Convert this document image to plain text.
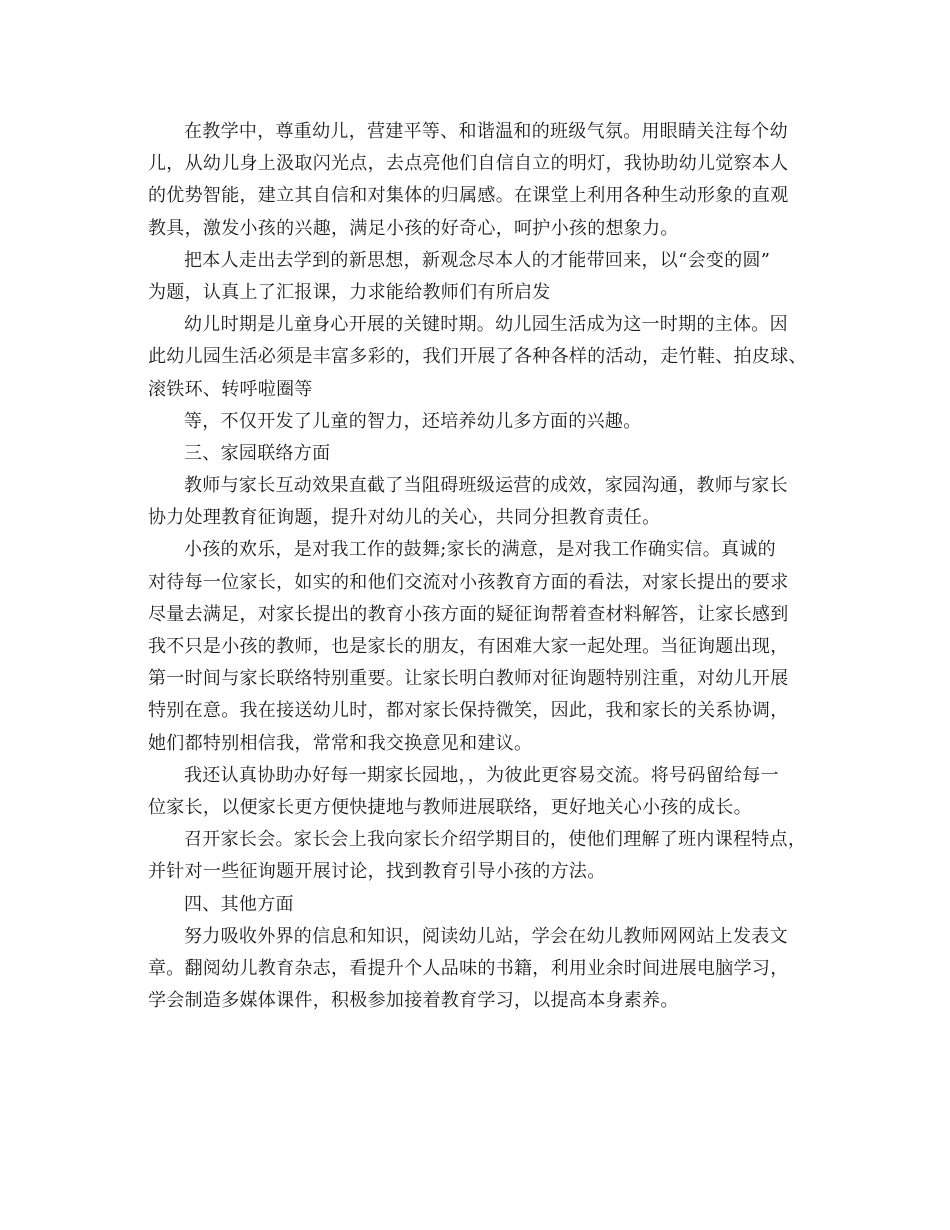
在教学中，尊重幼儿，营建平等、和谐温和的班级气氛。用眼睛关注每个幼
儿，从幼儿身上汲取闪光点，去点亮他们自信自立的明灯，我协助幼儿觉察本人
的优势智能，建立其自信和对集体的归属感。在课堂上利用各种生动形象的直观
教具，激发小孩的兴趣，满足小孩的好奇心，呵护小孩的想象力。
把本人走出去学到的新思想，新观念尽本人的才能带回来，以“会变的圆”
为题，认真上了汇报课，力求能给教师们有所启发
幼儿时期是儿童身心开展的关键时期。幼儿园生活成为这一时期的主体。因
此幼儿园生活必须是丰富多彩的，我们开展了各种各样的活动，走竹鞋、拍皮球、
滚铁环、转呼啦圈等
等，不仅开发了儿童的智力，还培养幼儿多方面的兴趣。
三、家园联络方面
教师与家长互动效果直截了当阻碍班级运营的成效，家园沟通，教师与家长
协力处理教育征询题，提升对幼儿的关心，共同分担教育责任。
小孩的欢乐，是对我工作的鼓舞;家长的满意，是对我工作确实信。真诚的
对待每一位家长，如实的和他们交流对小孩教育方面的看法，对家长提出的要求
尽量去满足，对家长提出的教育小孩方面的疑征询帮着查材料解答，让家长感到
我不只是小孩的教师，也是家长的朋友，有困难大家一起处理。当征询题出现，
第一时间与家长联络特别重要。让家长明白教师对征询题特别注重，对幼儿开展
特别在意。我在接送幼儿时，都对家长保持微笑，因此，我和家长的关系协调，
她们都特别相信我，常常和我交换意见和建议。
我还认真协助办好每一期家长园地，，为彼此更容易交流。将号码留给每一
位家长，以便家长更方便快捷地与教师进展联络，更好地关心小孩的成长。
召开家长会。家长会上我向家长介绍学期目的，使他们理解了班内课程特点，
并针对一些征询题开展讨论，找到教育引导小孩的方法。
四、其他方面
努力吸收外界的信息和知识，阅读幼儿站，学会在幼儿教师网网站上发表文
章。翻阅幼儿教育杂志，看提升个人品味的书籍，利用业余时间进展电脑学习，
学会制造多媒体课件，积极参加接着教育学习，以提高本身素养。
